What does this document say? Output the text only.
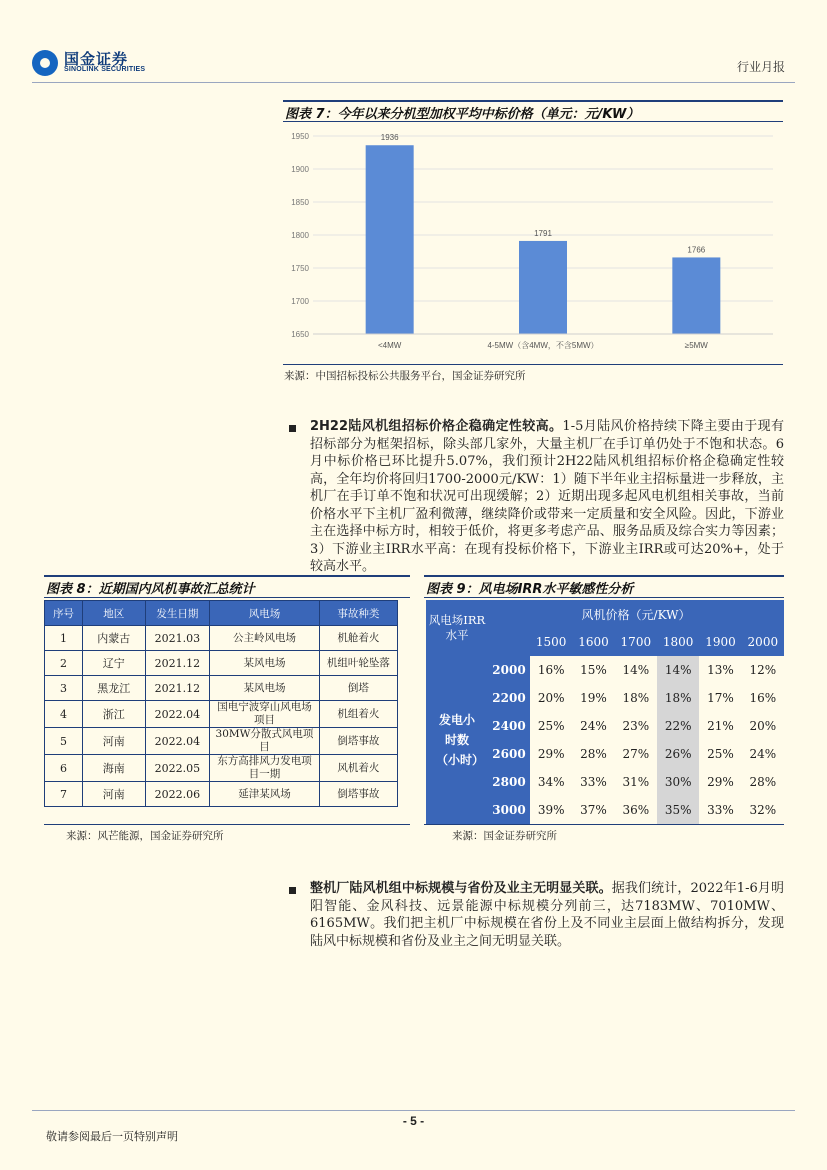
国金证券
SINOLINK SECURITIES	行业月报
图表 7：今年以来分机型加权平均中标价格（单元：元/KW）
1650
1700
1750
1800
1850
1900
1950	1936
<4MW
1791
4-5MW（含4MW，不含5MW）
1766
≥5MW
来源：中国招标投标公共服务平台，国金证券研究所
2H22陆风机组招标价格企稳确定性较高。1-5月陆风价格持续下降主要由于现有招标部分为框架招标，除头部几家外，大量主机厂在手订单仍处于不饱和状态。6月中标价格已环比提升5.07%，我们预计2H22陆风机组招标价格企稳确定性较高，全年均价将回归1700-2000元/KW：1）随下半年业主招标量进一步释放，主机厂在手订单不饱和状况可出现缓解；2）近期出现多起风电机组相关事故，当前价格水平下主机厂盈利微薄，继续降价或带来一定质量和安全风险。因此，下游业主在选择中标方时，相较于低价，将更多考虑产品、服务品质及综合实力等因素；3）下游业主IRR水平高：在现有投标价格下，下游业主IRR或可达20%+，处于较高水平。
图表 8：近期国内风机事故汇总统计
序号	地区	发生日期	风电场	事故种类
1	内蒙古	2021.03	公主岭风电场	机舱着火
2	辽宁	2021.12	某风电场	机组叶轮坠落
3	黑龙江	2021.12	某风电场	倒塔
4	浙江	2022.04	国电宁波穿山风电场项目	机组着火
5	河南	2022.04	30MW分散式风电项目	倒塔事故
6	海南	2022.05	东方高排风力发电项目一期	风机着火
7	河南	2022.06	延津某风场	倒塔事故
来源：风芒能源，国金证券研究所
图表 9：风电场IRR水平敏感性分析
风电场IRR水平	风机价格（元/KW）						
		1500	1600	1700	1800	1900	2000
发电小时数（小时）	2000	16%	15%	14%	14%	13%	12%
	2200	20%	19%	18%	18%	17%	16%
	2400	25%	24%	23%	22%	21%	20%
	2600	29%	28%	27%	26%	25%	24%
	2800	34%	33%	31%	30%	29%	28%
	3000	39%	37%	36%	35%	33%	32%
来源：国金证券研究所
整机厂陆风机组中标规模与省份及业主无明显关联。据我们统计，2022年1-6月明阳智能、金风科技、远景能源中标规模分列前三，达7183MW、7010MW、6165MW。我们把主机厂中标规模在省份上及不同业主层面上做结构拆分，发现陆风中标规模和省份及业主之间无明显关联。
- 5 -
敬请参阅最后一页特别声明
